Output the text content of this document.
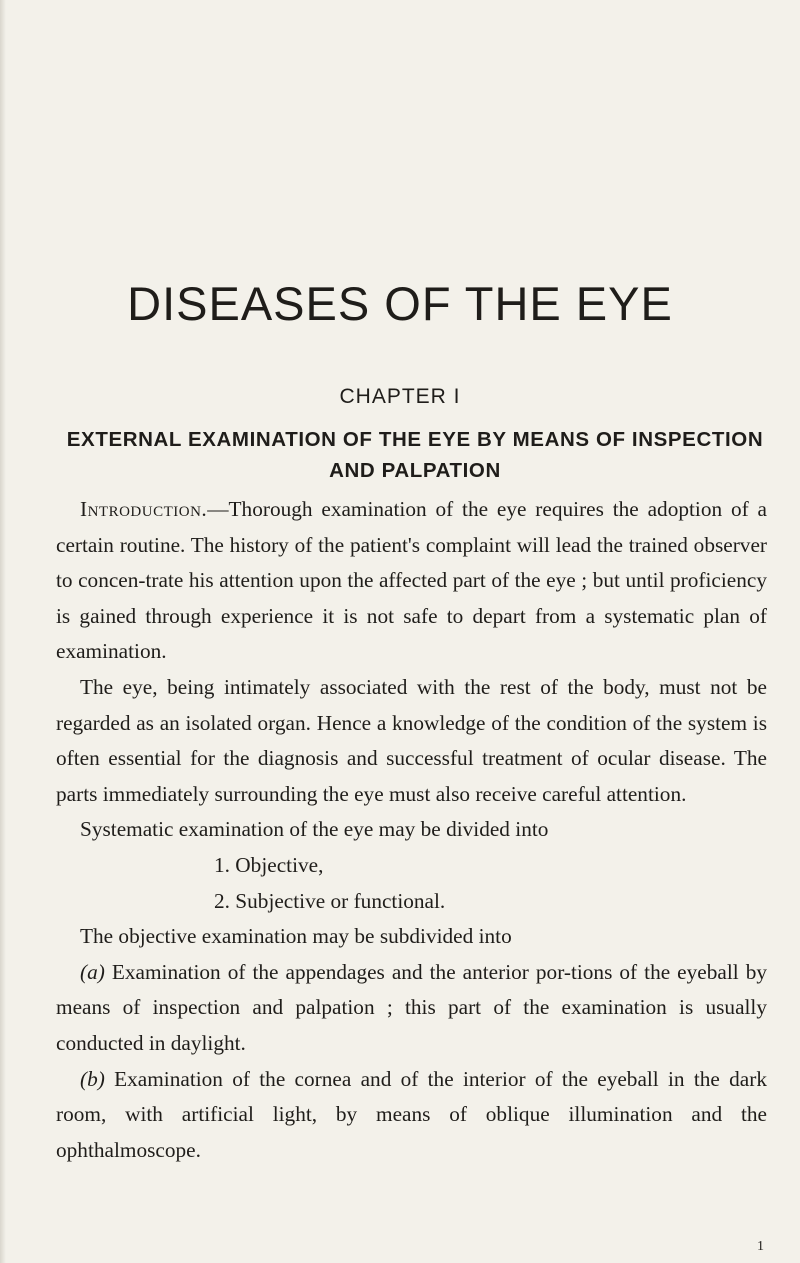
DISEASES OF THE EYE
CHAPTER I
EXTERNAL EXAMINATION OF THE EYE BY MEANS OF INSPECTION AND PALPATION

Introduction.—Thorough examination of the eye requires the adoption of a certain routine. The history of the patient's complaint will lead the trained observer to concen-trate his attention upon the affected part of the eye ; but until proficiency is gained through experience it is not safe to depart from a systematic plan of examination.

The eye, being intimately associated with the rest of the body, must not be regarded as an isolated organ. Hence a knowledge of the condition of the system is often essential for the diagnosis and successful treatment of ocular disease. The parts immediately surrounding the eye must also receive careful attention.

Systematic examination of the eye may be divided into

1. Objective,
2. Subjective or functional.

The objective examination may be subdivided into

(a) Examination of the appendages and the anterior por-tions of the eyeball by means of inspection and palpation ; this part of the examination is usually conducted in daylight.

(b) Examination of the cornea and of the interior of the eyeball in the dark room, with artificial light, by means of oblique illumination and the ophthalmoscope.

1
